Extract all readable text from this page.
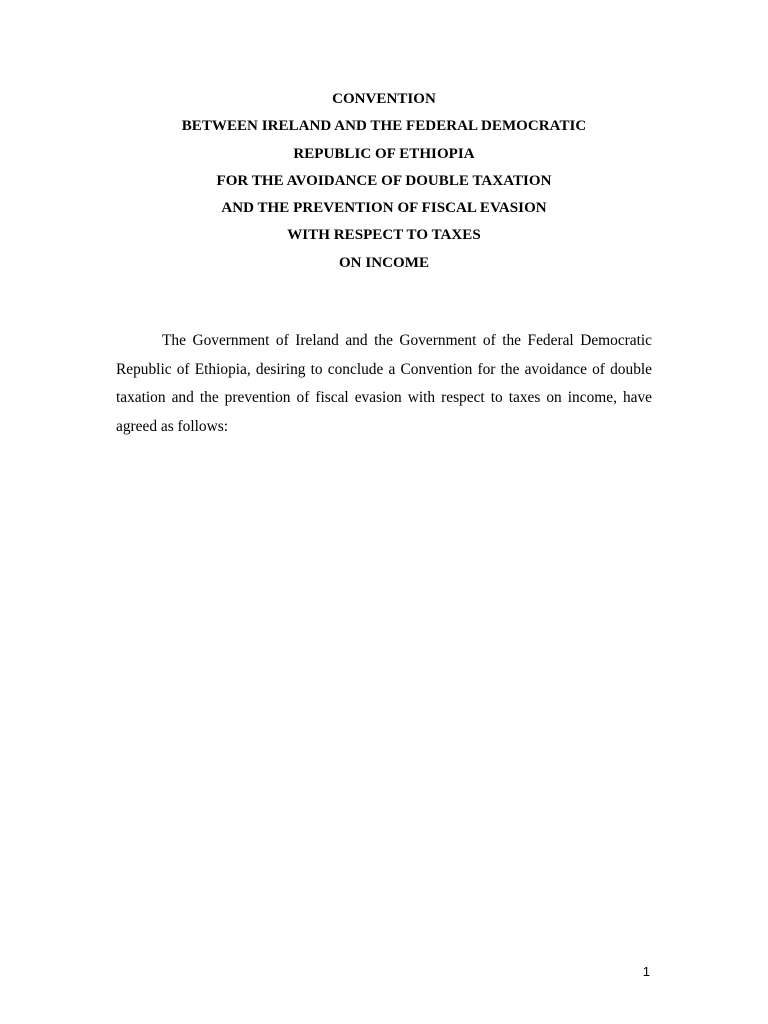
CONVENTION
BETWEEN IRELAND AND THE FEDERAL DEMOCRATIC
REPUBLIC OF ETHIOPIA
FOR THE AVOIDANCE OF DOUBLE TAXATION
AND THE PREVENTION OF FISCAL EVASION
WITH RESPECT TO TAXES
ON INCOME

The Government of Ireland and the Government of the Federal Democratic Republic of Ethiopia, desiring to conclude a Convention for the avoidance of double taxation and the prevention of fiscal evasion with respect to taxes on income, have agreed as follows:

1
